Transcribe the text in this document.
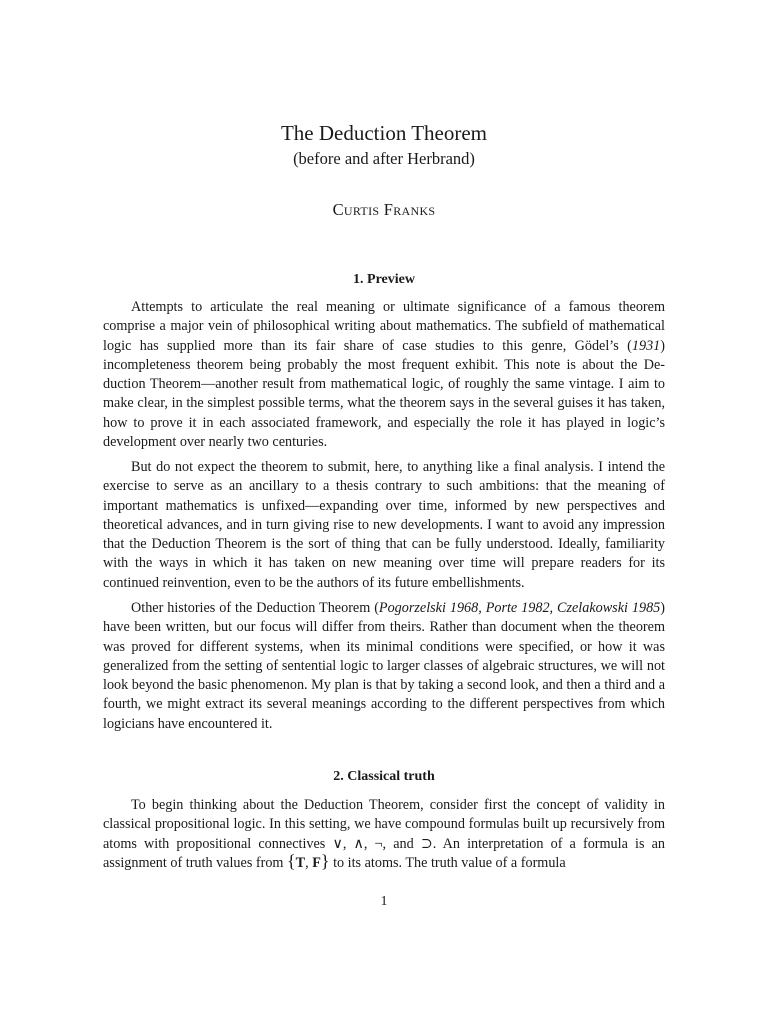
The Deduction Theorem
(before and after Herbrand)
Curtis Franks
1. Preview

Attempts to articulate the real meaning or ultimate significance of a famous theorem comprise a major vein of philosophical writing about mathematics. The subfield of mathematical logic has supplied more than its fair share of case studies to this genre, Gödel’s (1931) incompleteness theorem being probably the most frequent exhibit. This note is about the Deduction Theorem—another result from mathematical logic, of roughly the same vintage. I aim to make clear, in the simplest possible terms, what the theorem says in the several guises it has taken, how to prove it in each associated framework, and especially the role it has played in logic’s development over nearly two centuries.

But do not expect the theorem to submit, here, to anything like a final analysis. I intend the exercise to serve as an ancillary to a thesis contrary to such ambitions: that the meaning of important mathematics is unfixed—expanding over time, informed by new perspectives and theoretical advances, and in turn giving rise to new developments. I want to avoid any impression that the Deduction Theorem is the sort of thing that can be fully understood. Ideally, familiarity with the ways in which it has taken on new meaning over time will prepare readers for its continued reinvention, even to be the authors of its future embellishments.

Other histories of the Deduction Theorem (Pogorzelski 1968, Porte 1982, Czelakowski 1985) have been written, but our focus will differ from theirs. Rather than document when the theorem was proved for different systems, when its minimal conditions were specified, or how it was generalized from the setting of sentential logic to larger classes of algebraic structures, we will not look beyond the basic phenomenon. My plan is that by taking a second look, and then a third and a fourth, we might extract its several meanings according to the different perspectives from which logicians have encountered it.

2. Classical truth

To begin thinking about the Deduction Theorem, consider first the concept of validity in classical propositional logic. In this setting, we have compound formulas built up recursively from atoms with propositional connectives ∨, ∧, ¬, and ⊃. An interpretation of a formula is an assignment of truth values from {T, F} to its atoms. The truth value of a formula

1
